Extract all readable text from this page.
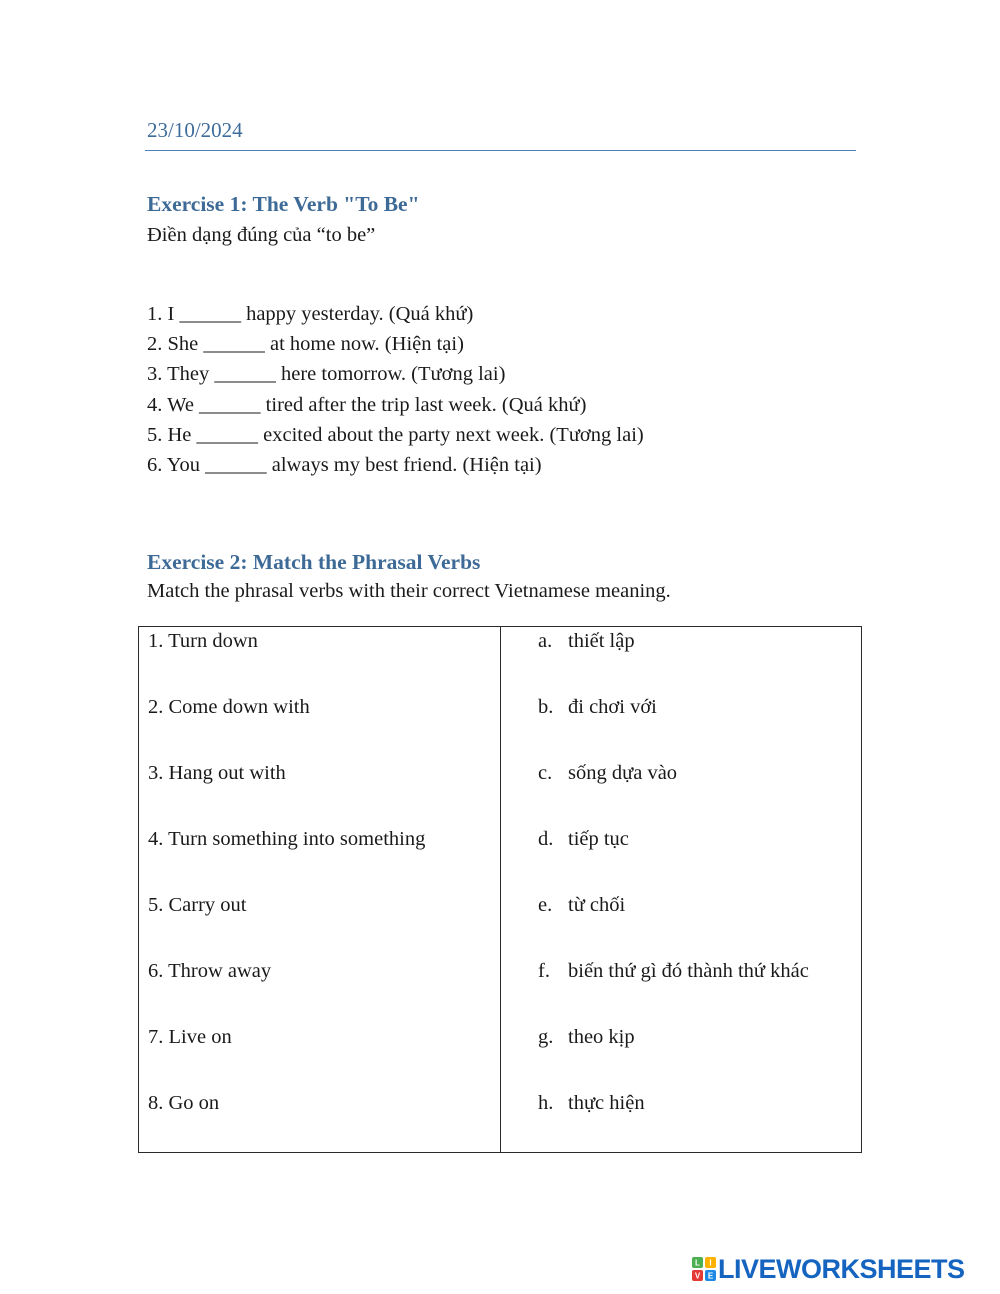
23/10/2024
Exercise 1: The Verb "To Be"
Điền dạng đúng của “to be”
1. I ______ happy yesterday. (Quá khứ)
2. She ______ at home now. (Hiện tại)
3. They ______ here tomorrow. (Tương lai)
4. We ______ tired after the trip last week. (Quá khứ)
5. He ______ excited about the party next week. (Tương lai)
6. You ______ always my best friend. (Hiện tại)
Exercise 2: Match the Phrasal Verbs
Match the phrasal verbs with their correct Vietnamese meaning.
1. Turn down
2. Come down with
3. Hang out with
4. Turn something into something
5. Carry out
6. Throw away
7. Live on
8. Go on
a. thiết lập
b. đi chơi với
c. sống dựa vào
d. tiếp tục
e. từ chối
f. biến thứ gì đó thành thứ khác
g. theo kịp
h. thực hiện
L I
V E LIVEWORKSHEETS
